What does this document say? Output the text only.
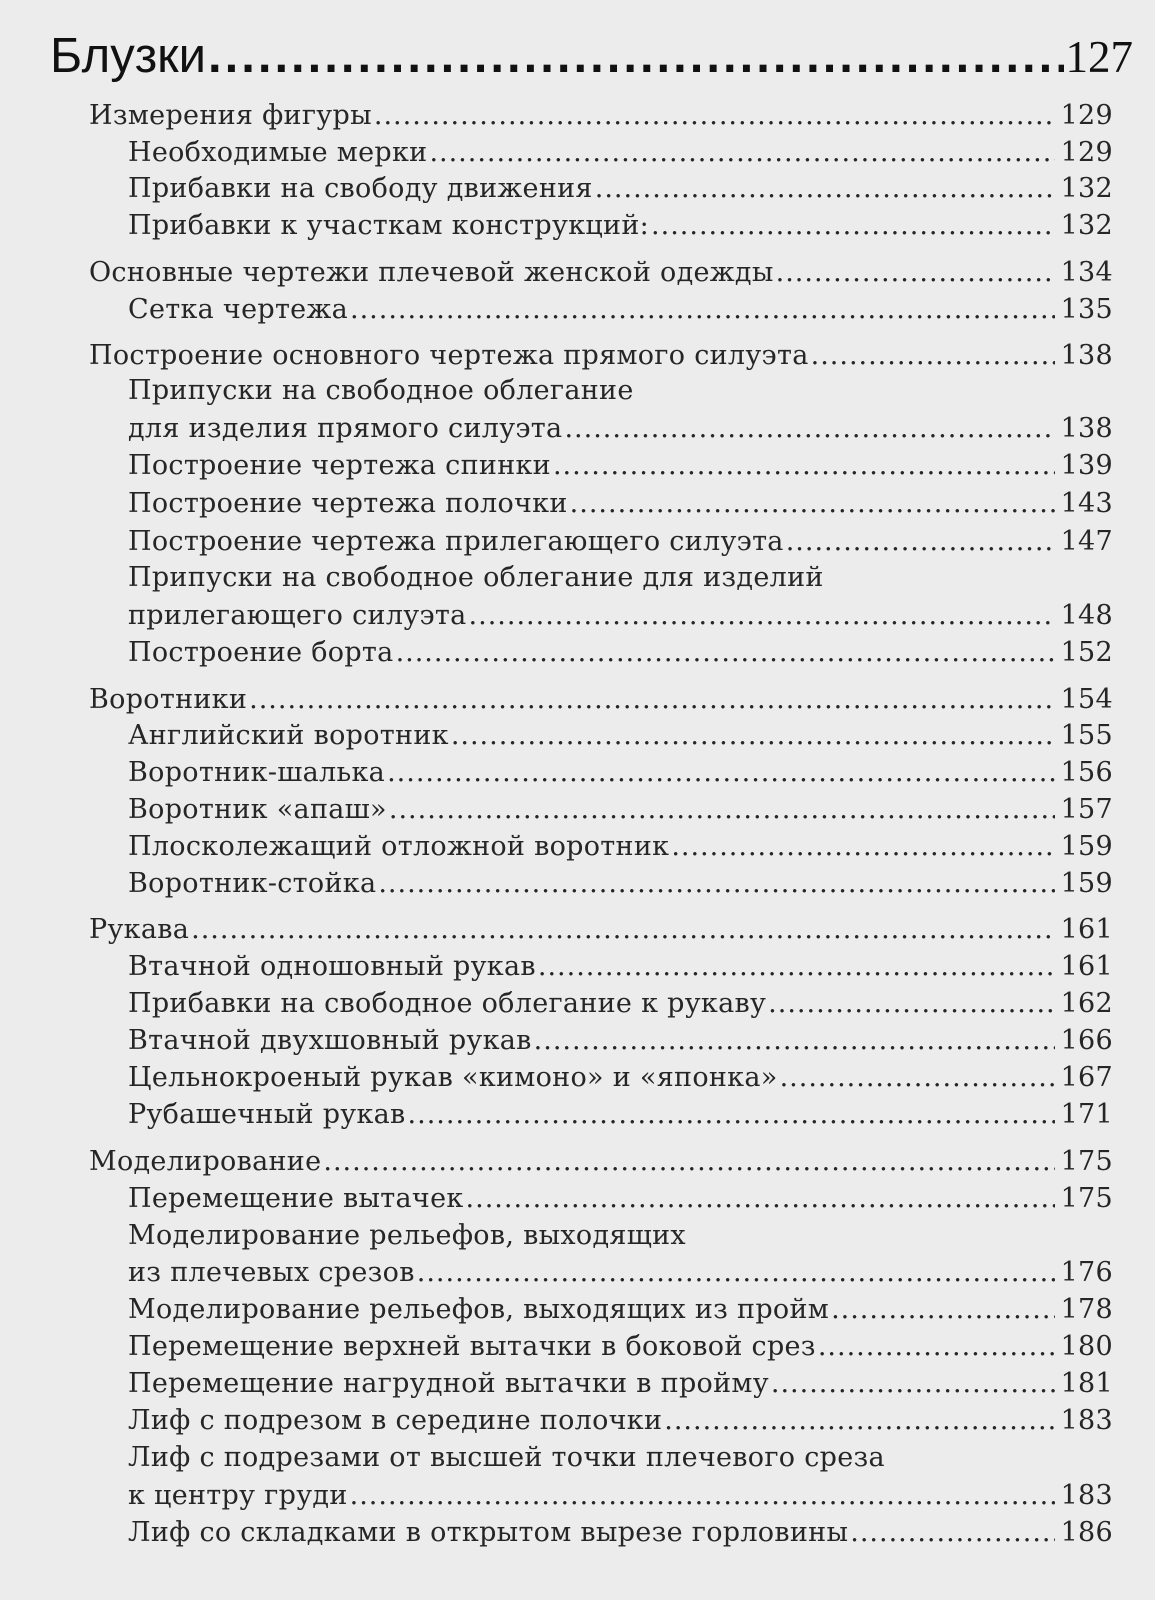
Блузки .....	127
Измерения фигуры .....	129
Необходимые мерки .....	129
Прибавки на свободу движения .....	132
Прибавки к участкам конструкций: .....	132
Основные чертежи плечевой женской одежды .....	134
Сетка чертежа .....	135
Построение основного чертежа прямого силуэта .....	138
Припуски на свободное облегание
для изделия прямого силуэта .....	138
Построение чертежа спинки .....	139
Построение чертежа полочки .....	143
Построение чертежа прилегающего силуэта .....	147
Припуски на свободное облегание для изделий
прилегающего силуэта .....	148
Построение борта .....	152
Воротники .....	154
Английский воротник .....	155
Воротник-шалька .....	156
Воротник «апаш» .....	157
Плосколежащий отложной воротник .....	159
Воротник-стойка .....	159
Рукава .....	161
Втачной одношовный рукав .....	161
Прибавки на свободное облегание к рукаву .....	162
Втачной двухшовный рукав .....	166
Цельнокроеный рукав «кимоно» и «японка» .....	167
Рубашечный рукав .....	171
Моделирование .....	175
Перемещение вытачек .....	175
Моделирование рельефов, выходящих
из плечевых срезов .....	176
Моделирование рельефов, выходящих из пройм .....	178
Перемещение верхней вытачки в боковой срез .....	180
Перемещение нагрудной вытачки в пройму .....	181
Лиф с подрезом в середине полочки .....	183
Лиф с подрезами от высшей точки плечевого среза
к центру груди .....	183
Лиф со складками в открытом вырезе горловины .....	186
